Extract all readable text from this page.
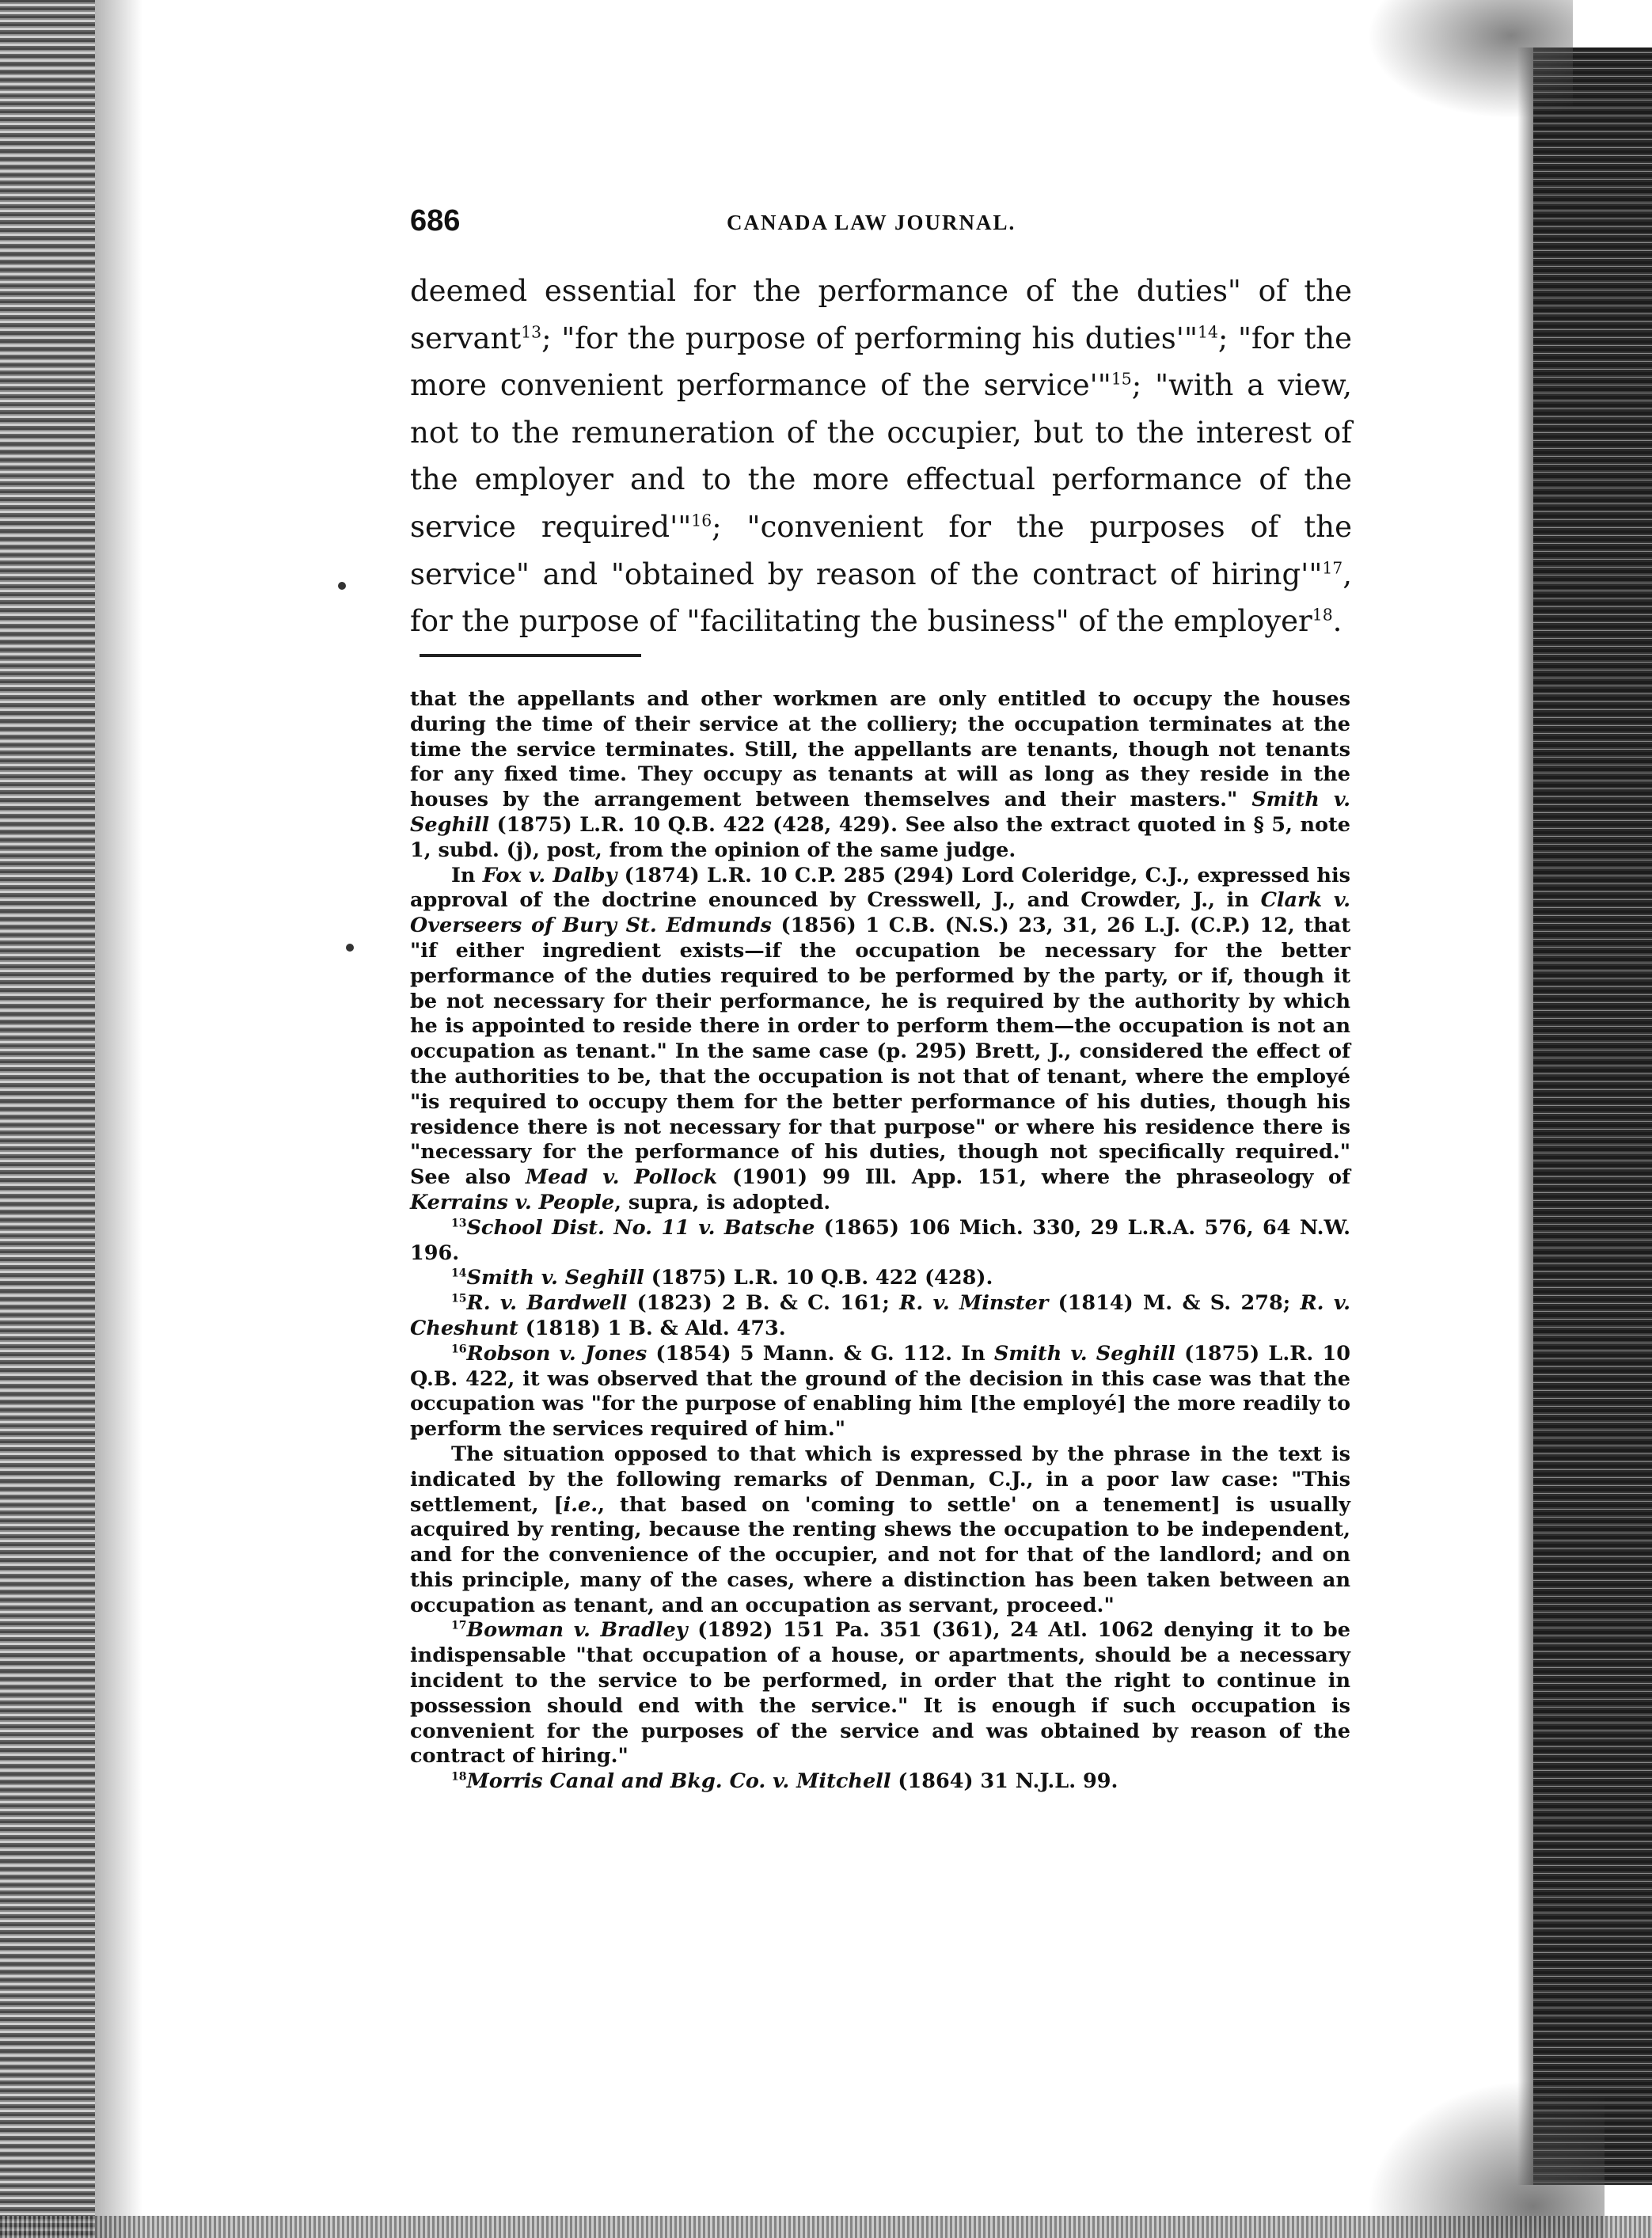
686	CANADA LAW JOURNAL.
deemed essential for the performance of the duties" of the servant$^{13}$; "for the purpose of performing his duties'"$^{14}$; "for the more convenient performance of the service'"$^{15}$; "with a view, not to the remuneration of the occupier, but to the interest of the employer and to the more effectual performance of the service required'"$^{16}$; "convenient for the purposes of the service" and "obtained by reason of the contract of hiring'"$^{17}$, for the purpose of "facilitating the business" of the employer$^{18}$.

that the appellants and other workmen are only entitled to occupy the houses during the time of their service at the colliery; the occupation terminates at the time the service terminates. Still, the appellants are tenants, though not tenants for any fixed time. They occupy as tenants at will as long as they reside in the houses by the arrangement between themselves and their masters." Smith v. Seghill (1875) L.R. 10 Q.B. 422 (428, 429). See also the extract quoted in § 5, note 1, subd. (j), post, from the opinion of the same judge.

In Fox v. Dalby (1874) L.R. 10 C.P. 285 (294) Lord Coleridge, C.J., expressed his approval of the doctrine enounced by Cresswell, J., and Crowder, J., in Clark v. Overseers of Bury St. Edmunds (1856) 1 C.B. (N.S.) 23, 31, 26 L.J. (C.P.) 12, that "if either ingredient exists—if the occupation be necessary for the better performance of the duties required to be performed by the party, or if, though it be not necessary for their performance, he is required by the authority by which he is appointed to reside there in order to perform them—the occupation is not an occupation as tenant." In the same case (p. 295) Brett, J., considered the effect of the authorities to be, that the occupation is not that of tenant, where the employé "is required to occupy them for the better performance of his duties, though his residence there is not necessary for that purpose" or where his residence there is "necessary for the performance of his duties, though not specifically required." See also Mead v. Pollock (1901) 99 Ill. App. 151, where the phraseology of Kerrains v. People, supra, is adopted.

$^{13}$School Dist. No. 11 v. Batsche (1865) 106 Mich. 330, 29 L.R.A. 576, 64 N.W. 196.

$^{14}$Smith v. Seghill (1875) L.R. 10 Q.B. 422 (428).

$^{15}$R. v. Bardwell (1823) 2 B. & C. 161; R. v. Minster (1814) M. & S. 278; R. v. Cheshunt (1818) 1 B. & Ald. 473.

$^{16}$Robson v. Jones (1854) 5 Mann. & G. 112. In Smith v. Seghill (1875) L.R. 10 Q.B. 422, it was observed that the ground of the decision in this case was that the occupation was "for the purpose of enabling him [the employé] the more readily to perform the services required of him."

The situation opposed to that which is expressed by the phrase in the text is indicated by the following remarks of Denman, C.J., in a poor law case: "This settlement, [i.e., that based on 'coming to settle' on a tenement] is usually acquired by renting, because the renting shews the occupation to be independent, and for the convenience of the occupier, and not for that of the landlord; and on this principle, many of the cases, where a distinction has been taken between an occupation as tenant, and an occupation as servant, proceed."

$^{17}$Bowman v. Bradley (1892) 151 Pa. 351 (361), 24 Atl. 1062 denying it to be indispensable "that occupation of a house, or apartments, should be a necessary incident to the service to be performed, in order that the right to continue in possession should end with the service." It is enough if such occupation is convenient for the purposes of the service and was obtained by reason of the contract of hiring."

$^{18}$Morris Canal and Bkg. Co. v. Mitchell (1864) 31 N.J.L. 99.
